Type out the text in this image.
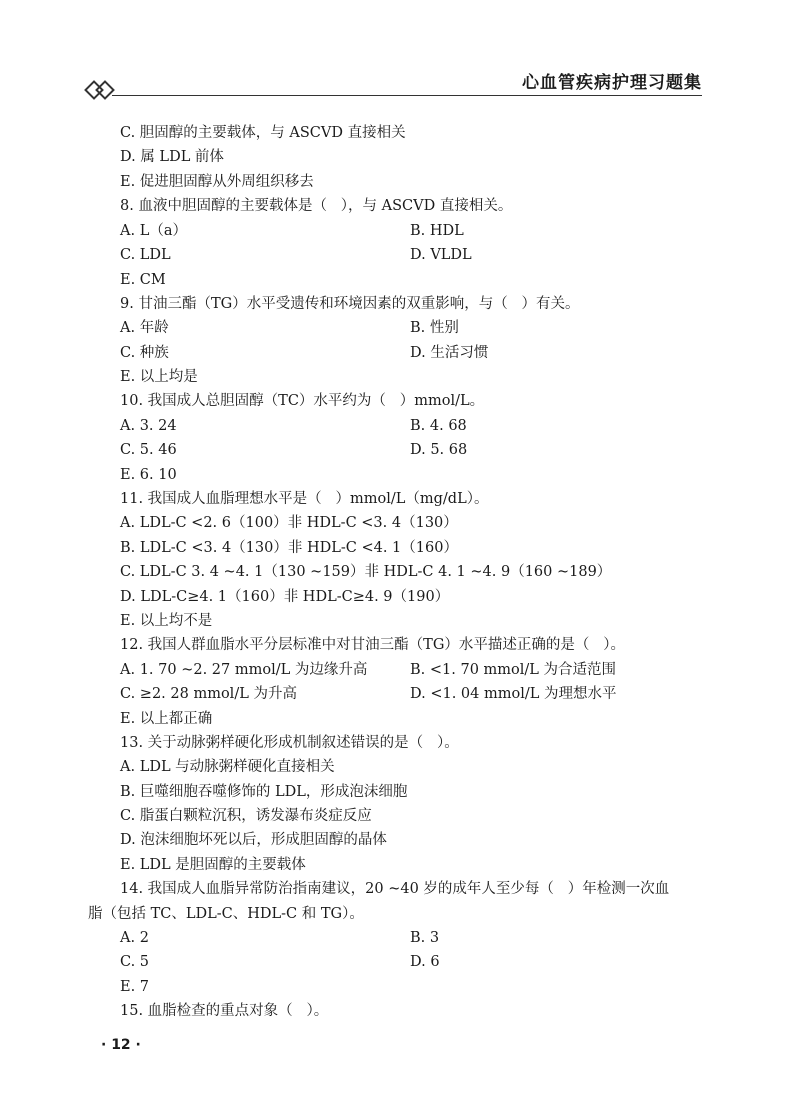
心血管疾病护理习题集
C. 胆固醇的主要载体，与 ASCVD 直接相关
D. 属 LDL 前体
E. 促进胆固醇从外周组织移去
8. 血液中胆固醇的主要载体是（   ），与 ASCVD 直接相关。
A. L（a）	B. HDL
C. LDL	D. VLDL
E. CM
9. 甘油三酯（TG）水平受遗传和环境因素的双重影响，与（   ）有关。
A. 年龄	B. 性别
C. 种族	D. 生活习惯
E. 以上均是
10. 我国成人总胆固醇（TC）水平约为（   ）mmol/L。
A. 3. 24	B. 4. 68
C. 5. 46	D. 5. 68
E. 6. 10
11. 我国成人血脂理想水平是（   ）mmol/L（mg/dL）。
A. LDL-C <2. 6（100）非 HDL-C <3. 4（130）
B. LDL-C <3. 4（130）非 HDL-C <4. 1（160）
C. LDL-C 3. 4 ~4. 1（130 ~159）非 HDL-C 4. 1 ~4. 9（160 ~189）
D. LDL-C≥4. 1（160）非 HDL-C≥4. 9（190）
E. 以上均不是
12. 我国人群血脂水平分层标准中对甘油三酯（TG）水平描述正确的是（   ）。
A. 1. 70 ~2. 27 mmol/L 为边缘升高	B. <1. 70 mmol/L 为合适范围
C. ≥2. 28 mmol/L 为升高	D. <1. 04 mmol/L 为理想水平
E. 以上都正确
13. 关于动脉粥样硬化形成机制叙述错误的是（   ）。
A. LDL 与动脉粥样硬化直接相关
B. 巨噬细胞吞噬修饰的 LDL，形成泡沫细胞
C. 脂蛋白颗粒沉积，诱发瀑布炎症反应
D. 泡沫细胞坏死以后，形成胆固醇的晶体
E. LDL 是胆固醇的主要载体
14. 我国成人血脂异常防治指南建议，20 ~40 岁的成年人至少每（   ）年检测一次血
脂（包括 TC、LDL-C、HDL-C 和 TG）。
A. 2	B. 3
C. 5	D. 6
E. 7
15. 血脂检查的重点对象（   ）。
· 12 ·
